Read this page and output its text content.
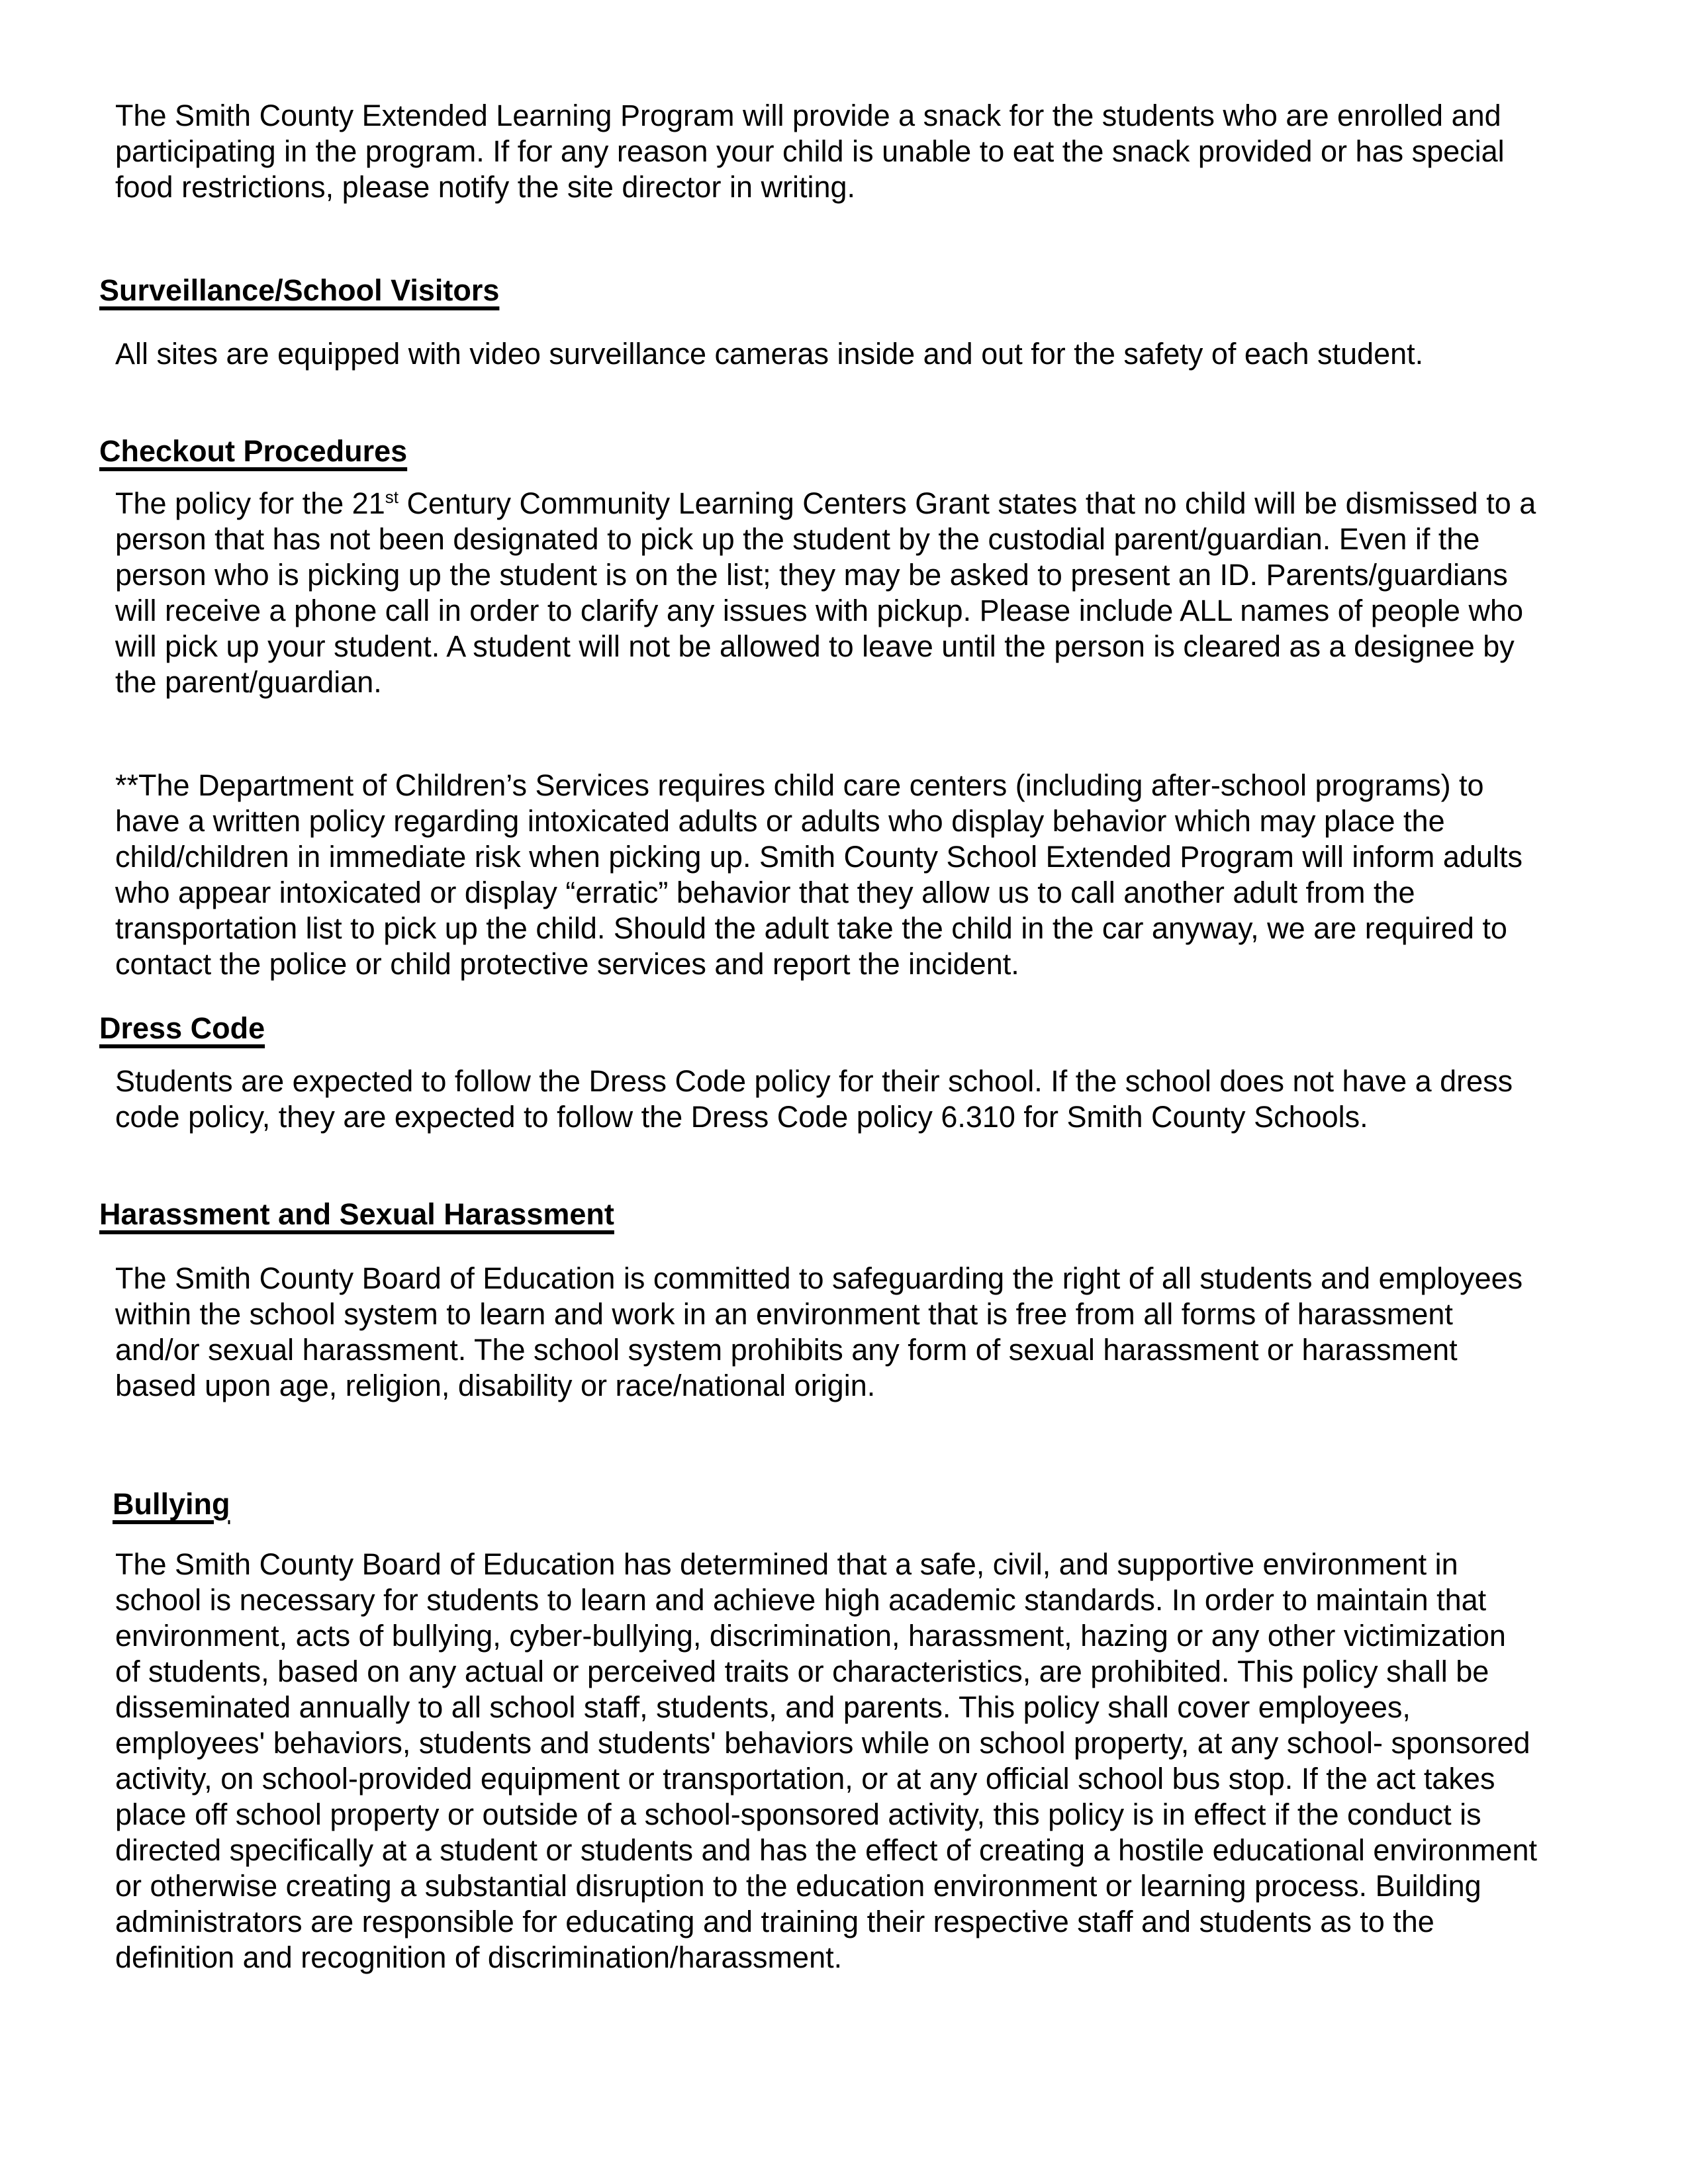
The Smith County Extended Learning Program will provide a snack for the students who are enrolled and participating in the program. If for any reason your child is unable to eat the snack provided or has special food restrictions, please notify the site director in writing.

Surveillance/School Visitors

All sites are equipped with video surveillance cameras inside and out for the safety of each student.

Checkout Procedures

The policy for the 21st Century Community Learning Centers Grant states that no child will be dismissed to a person that has not been designated to pick up the student by the custodial parent/guardian. Even if the person who is picking up the student is on the list; they may be asked to present an ID. Parents/guardians will receive a phone call in order to clarify any issues with pickup. Please include ALL names of people who will pick up your student. A student will not be allowed to leave until the person is cleared as a designee by the parent/guardian.

**The Department of Children’s Services requires child care centers (including after-school programs) to have a written policy regarding intoxicated adults or adults who display behavior which may place the child/children in immediate risk when picking up. Smith County School Extended Program will inform adults who appear intoxicated or display “erratic” behavior that they allow us to call another adult from the transportation list to pick up the child. Should the adult take the child in the car anyway, we are required to contact the police or child protective services and report the incident.

Dress Code

Students are expected to follow the Dress Code policy for their school. If the school does not have a dress code policy, they are expected to follow the Dress Code policy 6.310 for Smith County Schools.

Harassment and Sexual Harassment

The Smith County Board of Education is committed to safeguarding the right of all students and employees within the school system to learn and work in an environment that is free from all forms of harassment and/or sexual harassment. The school system prohibits any form of sexual harassment or harassment based upon age, religion, disability or race/national origin.

Bullying

The Smith County Board of Education has determined that a safe, civil, and supportive environment in school is necessary for students to learn and achieve high academic standards. In order to maintain that environment, acts of bullying, cyber-bullying, discrimination, harassment, hazing or any other victimization  of students, based on any actual or perceived traits or characteristics, are prohibited. This policy shall be disseminated annually to all school staff, students, and parents. This policy shall cover employees, employees' behaviors, students and students' behaviors while on school property, at any school- sponsored activity, on school-provided equipment or transportation, or at any official school bus stop. If the act takes place off school property or outside of a school-sponsored activity, this policy is in effect if the conduct is directed specifically at a student or students and has the effect of creating a hostile educational environment or otherwise creating a substantial disruption to the education environment or learning process. Building administrators are responsible for educating and training their respective staff and students as to the definition and recognition of discrimination/harassment.
